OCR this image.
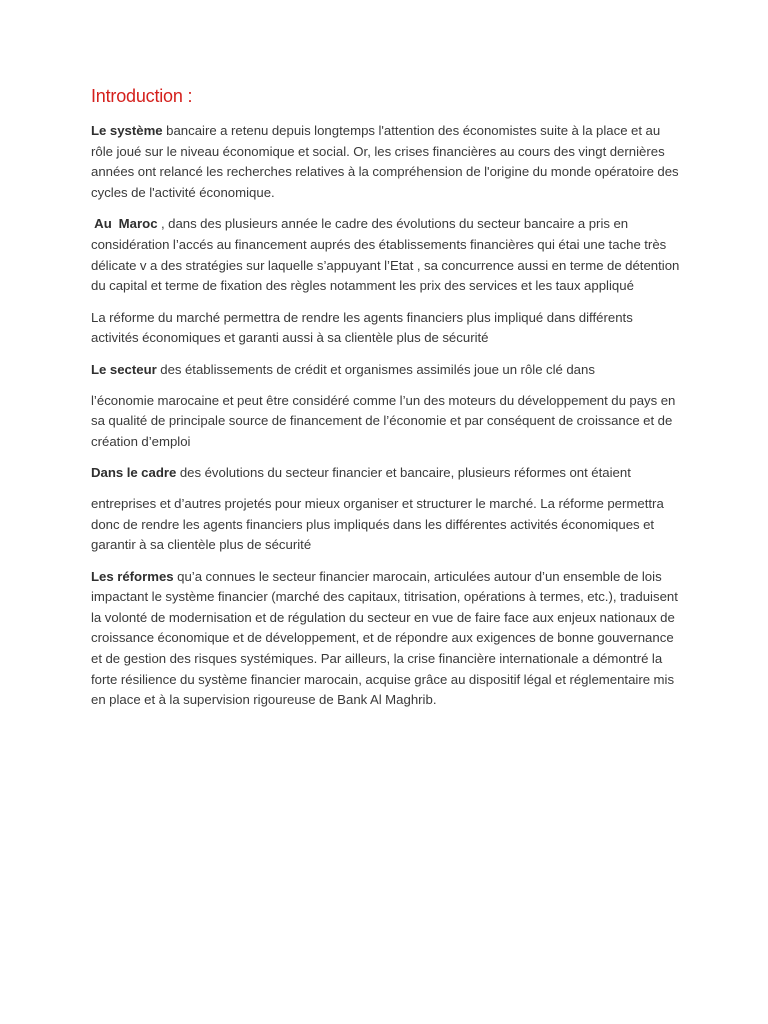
Introduction :

Le système bancaire a retenu depuis longtemps l'attention des économistes suite à la place et au rôle joué sur le niveau économique et social. Or, les crises financières au cours des vingt dernières années ont relancé les recherches relatives à la compréhension de l'origine du monde opératoire des cycles de l'activité économique.

Au  Maroc , dans des plusieurs année le cadre des évolutions du secteur bancaire a pris en considération l’accés au financement auprés des établissements financières qui étai une tache très délicate v a des stratégies sur laquelle s’appuyant l’Etat , sa concurrence aussi en terme de détention du capital et terme de fixation des règles notamment les prix des services et les taux appliqué

La réforme du marché permettra de rendre les agents financiers plus impliqué dans différents activités économiques et garanti aussi à sa clientèle plus de sécurité

Le secteur des établissements de crédit et organismes assimilés joue un rôle clé dans

l’économie marocaine et peut être considéré comme l’un des moteurs du développement du pays en sa qualité de principale source de financement de l’économie et par conséquent de croissance et de création d’emploi

Dans le cadre des évolutions du secteur financier et bancaire, plusieurs réformes ont étaient

entreprises et d’autres projetés pour mieux organiser et structurer le marché. La réforme permettra donc de rendre les agents financiers plus impliqués dans les différentes activités économiques et garantir à sa clientèle plus de sécurité

Les réformes qu’a connues le secteur financier marocain, articulées autour d’un ensemble de lois impactant le système financier (marché des capitaux, titrisation, opérations à termes, etc.), traduisent la volonté de modernisation et de régulation du secteur en vue de faire face aux enjeux nationaux de croissance économique et de développement, et de répondre aux exigences de bonne gouvernance et de gestion des risques systémiques. Par ailleurs, la crise financière internationale a démontré la forte résilience du système financier marocain, acquise grâce au dispositif légal et réglementaire mis en place et à la supervision rigoureuse de Bank Al Maghrib.
